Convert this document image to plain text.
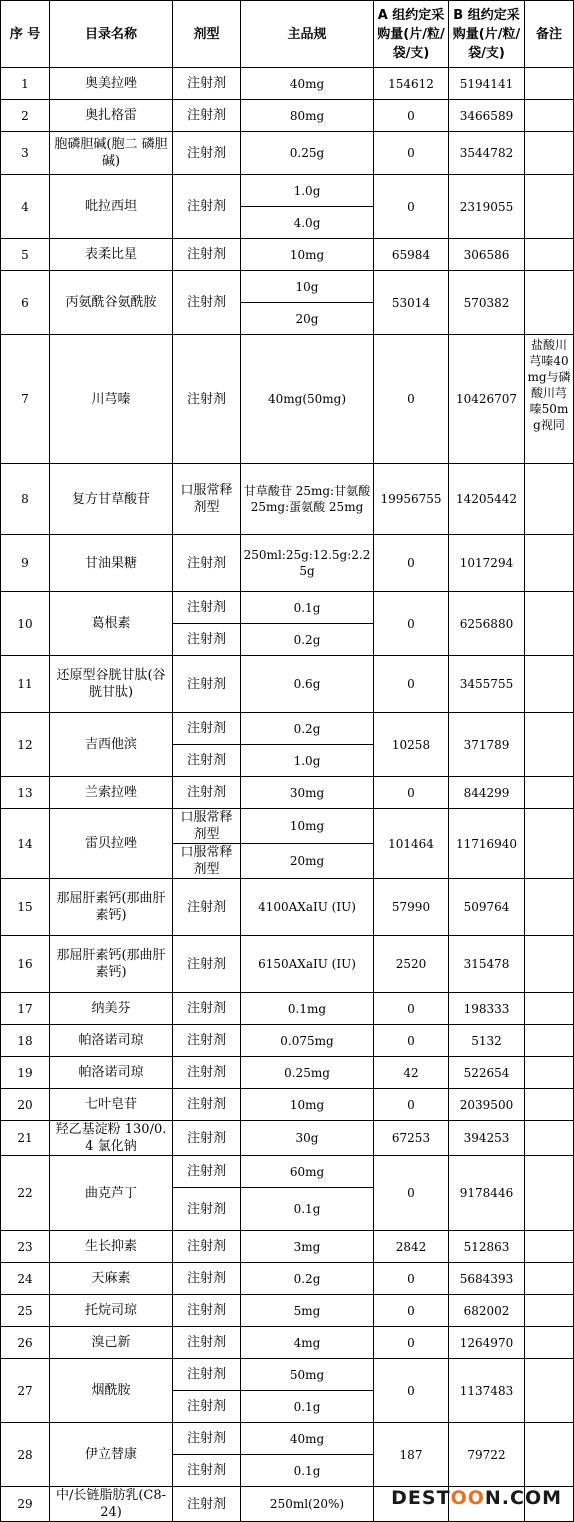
序 号	目录名称	剂型	主品规	A 组约定采购量(片/粒/袋/支)	B 组约定采购量(片/粒/袋/支)	备注
1	奥美拉唑	注射剂	40mg	154612	5194141	
2	奥扎格雷	注射剂	80mg	0	3466589	
3	胞磷胆碱(胞二 磷胆碱)	注射剂	0.25g	0	3544782	
4	吡拉西坦	注射剂	1.0g	0	2319055	
			4.0g			
5	表柔比星	注射剂	10mg	65984	306586	
6	丙氨酰谷氨酰胺	注射剂	10g	53014	570382	
			20g			
7	川芎嗪	注射剂	40mg(50mg)	0	10426707	盐酸川芎嗪40mg与磷酸川芎嗪50mg视同
8	复方甘草酸苷	口服常释剂型	甘草酸苷 25mg:甘氨酸 25mg:蛋氨酸 25mg	19956755	14205442	
9	甘油果糖	注射剂	250ml:25g:12.5g:2.25g	0	1017294	
10	葛根素	注射剂	0.1g	0	6256880	
		注射剂	0.2g			
11	还原型谷胱甘肽(谷胱甘肽)	注射剂	0.6g	0	3455755	
12	吉西他滨	注射剂	0.2g	10258	371789	
		注射剂	1.0g			
13	兰索拉唑	注射剂	30mg	0	844299	
14	雷贝拉唑	口服常释剂型	10mg	101464	11716940	
		口服常释剂型	20mg			
15	那屈肝素钙(那曲肝素钙)	注射剂	4100AXaIU (IU)	57990	509764	
16	那屈肝素钙(那曲肝素钙)	注射剂	6150AXaIU (IU)	2520	315478	
17	纳美芬	注射剂	0.1mg	0	198333	
18	帕洛诺司琼	注射剂	0.075mg	0	5132	
19	帕洛诺司琼	注射剂	0.25mg	42	522654	
20	七叶皂苷	注射剂	10mg	0	2039500	
21	羟乙基淀粉 130/0.4 氯化钠	注射剂	30g	67253	394253	
22	曲克芦丁	注射剂	60mg	0	9178446	
		注射剂	0.1g			
23	生长抑素	注射剂	3mg	2842	512863	
24	天麻素	注射剂	0.2g	0	5684393	
25	托烷司琼	注射剂	5mg	0	682002	
26	溴己新	注射剂	4mg	0	1264970	
27	烟酰胺	注射剂	50mg	0	1137483	
		注射剂	0.1g			
28	伊立替康	注射剂	40mg	187	79722	
		注射剂	0.1g			
29	中/长链脂肪乳(C8-24)	注射剂	250ml(20%)			DESTOON.COM
